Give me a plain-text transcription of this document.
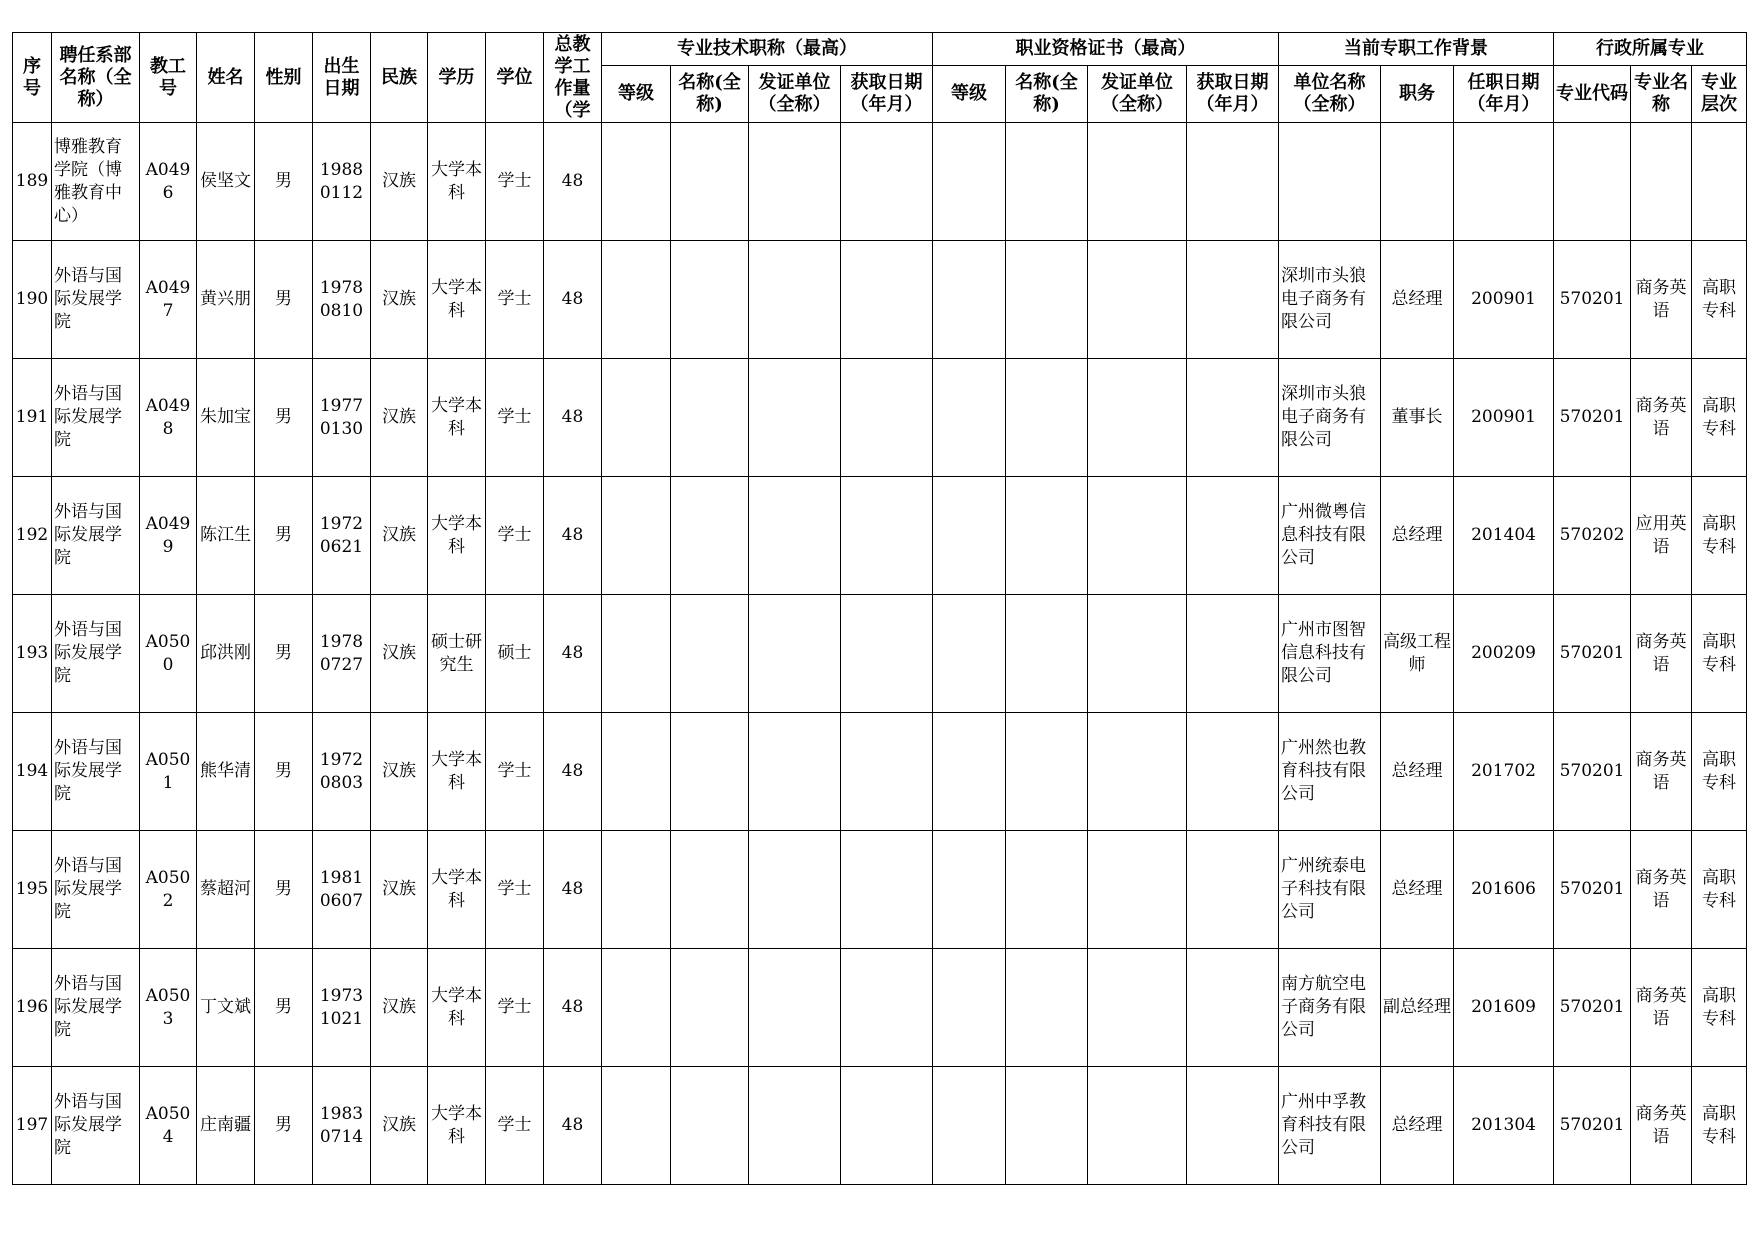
序号	聘任系部名称（全称）	教工号	姓名	性别	出生日期	民族	学历	学位	总教学工作量（学	专业技术职称（最高）				职业资格证书（最高）				当前专职工作背景			行政所属专业		
										等级	名称(全称)	发证单位（全称）	获取日期（年月）	等级	名称(全称)	发证单位（全称）	获取日期（年月）	单位名称（全称）	职务	任职日期（年月）	专业代码	专业名称	专业层次

189	博雅教育学院（博雅教育中心）	A0496	侯坚文	男	19880112	汉族	大学本科	学士	48														

190	外语与国际发展学院	A0497	黄兴朋	男	19780810	汉族	大学本科	学士	48									深圳市头狼电子商务有限公司	总经理	200901	570201	商务英语	高职专科

191	外语与国际发展学院	A0498	朱加宝	男	19770130	汉族	大学本科	学士	48									深圳市头狼电子商务有限公司	董事长	200901	570201	商务英语	高职专科

192	外语与国际发展学院	A0499	陈江生	男	19720621	汉族	大学本科	学士	48									广州微粤信息科技有限公司	总经理	201404	570202	应用英语	高职专科

193	外语与国际发展学院	A0500	邱洪刚	男	19780727	汉族	硕士研究生	硕士	48									广州市图智信息科技有限公司	高级工程师	200209	570201	商务英语	高职专科

194	外语与国际发展学院	A0501	熊华清	男	19720803	汉族	大学本科	学士	48									广州然也教育科技有限公司	总经理	201702	570201	商务英语	高职专科

195	外语与国际发展学院	A0502	蔡超河	男	19810607	汉族	大学本科	学士	48									广州统泰电子科技有限公司	总经理	201606	570201	商务英语	高职专科

196	外语与国际发展学院	A0503	丁文斌	男	19731021	汉族	大学本科	学士	48									南方航空电子商务有限公司	副总经理	201609	570201	商务英语	高职专科

197	外语与国际发展学院	A0504	庄南疆	男	19830714	汉族	大学本科	学士	48									广州中孚教育科技有限公司	总经理	201304	570201	商务英语	高职专科
